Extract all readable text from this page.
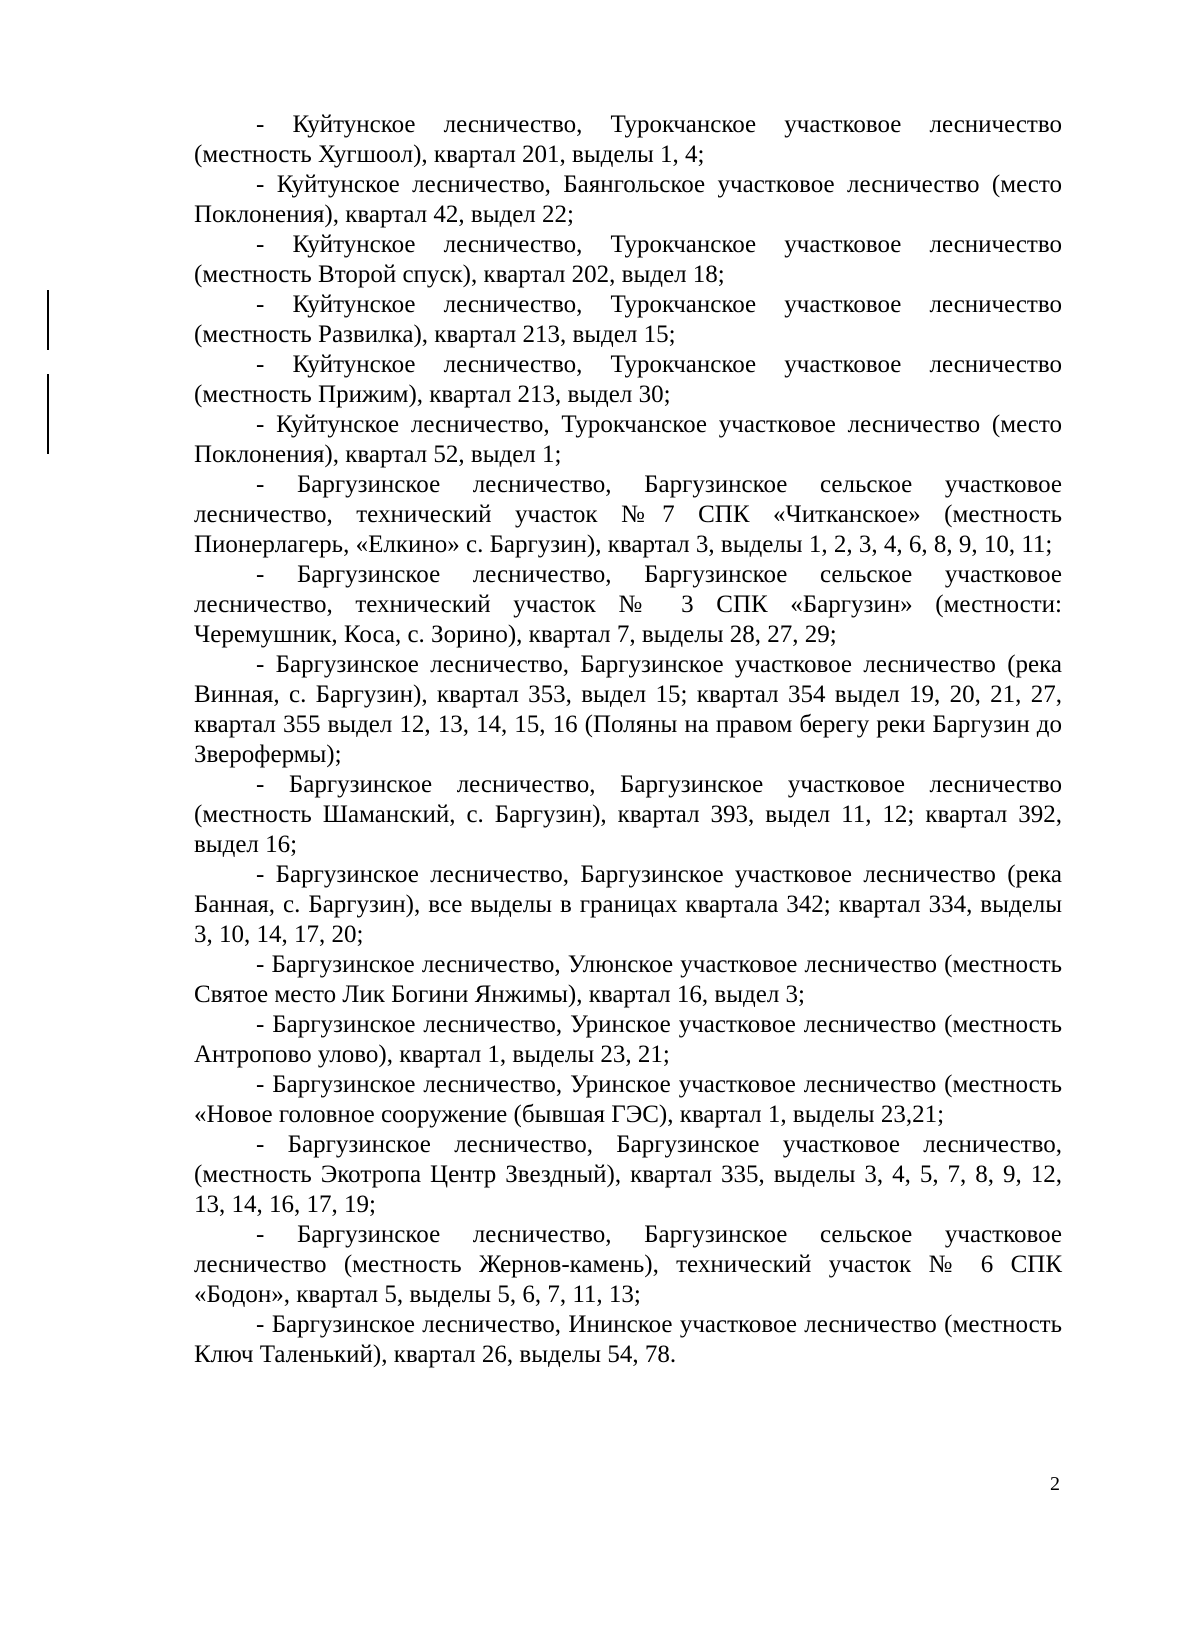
- Куйтунское лесничество, Турокчанское участковое лесничество (местность Хугшоол), квартал 201, выделы 1, 4;

- Куйтунское лесничество, Баянгольское участковое лесничество (место Поклонения), квартал 42, выдел 22;

- Куйтунское лесничество, Турокчанское участковое лесничество (местность Второй спуск), квартал 202, выдел 18;

- Куйтунское лесничество, Турокчанское участковое лесничество (местность Развилка), квартал 213, выдел 15;

- Куйтунское лесничество, Турокчанское участковое лесничество (местность Прижим), квартал 213, выдел 30;

- Куйтунское лесничество, Турокчанское участковое лесничество (место Поклонения), квартал 52, выдел 1;

- Баргузинское лесничество, Баргузинское сельское участковое лесничество, технический участок №7 СПК «Читканское» (местность Пионерлагерь, «Елкино» с. Баргузин), квартал 3, выделы 1, 2, 3, 4, 6, 8, 9, 10, 11;

- Баргузинское лесничество, Баргузинское сельское участковое лесничество, технический участок № 3 СПК «Баргузин» (местности: Черемушник, Коса, с. Зорино), квартал 7, выделы 28, 27, 29;

- Баргузинское лесничество, Баргузинское участковое лесничество (река Винная, с. Баргузин), квартал 353, выдел 15; квартал 354 выдел 19, 20, 21, 27, квартал 355 выдел 12, 13, 14, 15, 16 (Поляны на правом берегу реки Баргузин до Зверофермы);

- Баргузинское лесничество, Баргузинское участковое лесничество (местность Шаманский, с. Баргузин), квартал 393, выдел 11, 12; квартал 392, выдел 16;

- Баргузинское лесничество, Баргузинское участковое лесничество (река Банная, с. Баргузин), все выделы в границах квартала 342; квартал 334, выделы 3, 10, 14, 17, 20;

- Баргузинское лесничество, Улюнское участковое лесничество (местность Святое место Лик Богини Янжимы), квартал 16, выдел 3;

- Баргузинское лесничество, Уринское участковое лесничество (местность Антропово улово), квартал 1, выделы 23, 21;

- Баргузинское лесничество, Уринское участковое лесничество (местность «Новое головное сооружение (бывшая ГЭС), квартал 1, выделы 23,21;

- Баргузинское лесничество, Баргузинское участковое лесничество, (местность Экотропа Центр Звездный), квартал 335, выделы 3, 4, 5, 7, 8, 9, 12, 13, 14, 16, 17, 19;

- Баргузинское лесничество, Баргузинское сельское участковое лесничество (местность Жернов-камень), технический участок № 6 СПК «Бодон», квартал 5, выделы 5, 6, 7, 11, 13;

- Баргузинское лесничество, Ининское участковое лесничество (местность Ключ Таленький), квартал 26, выделы 54, 78.

2
